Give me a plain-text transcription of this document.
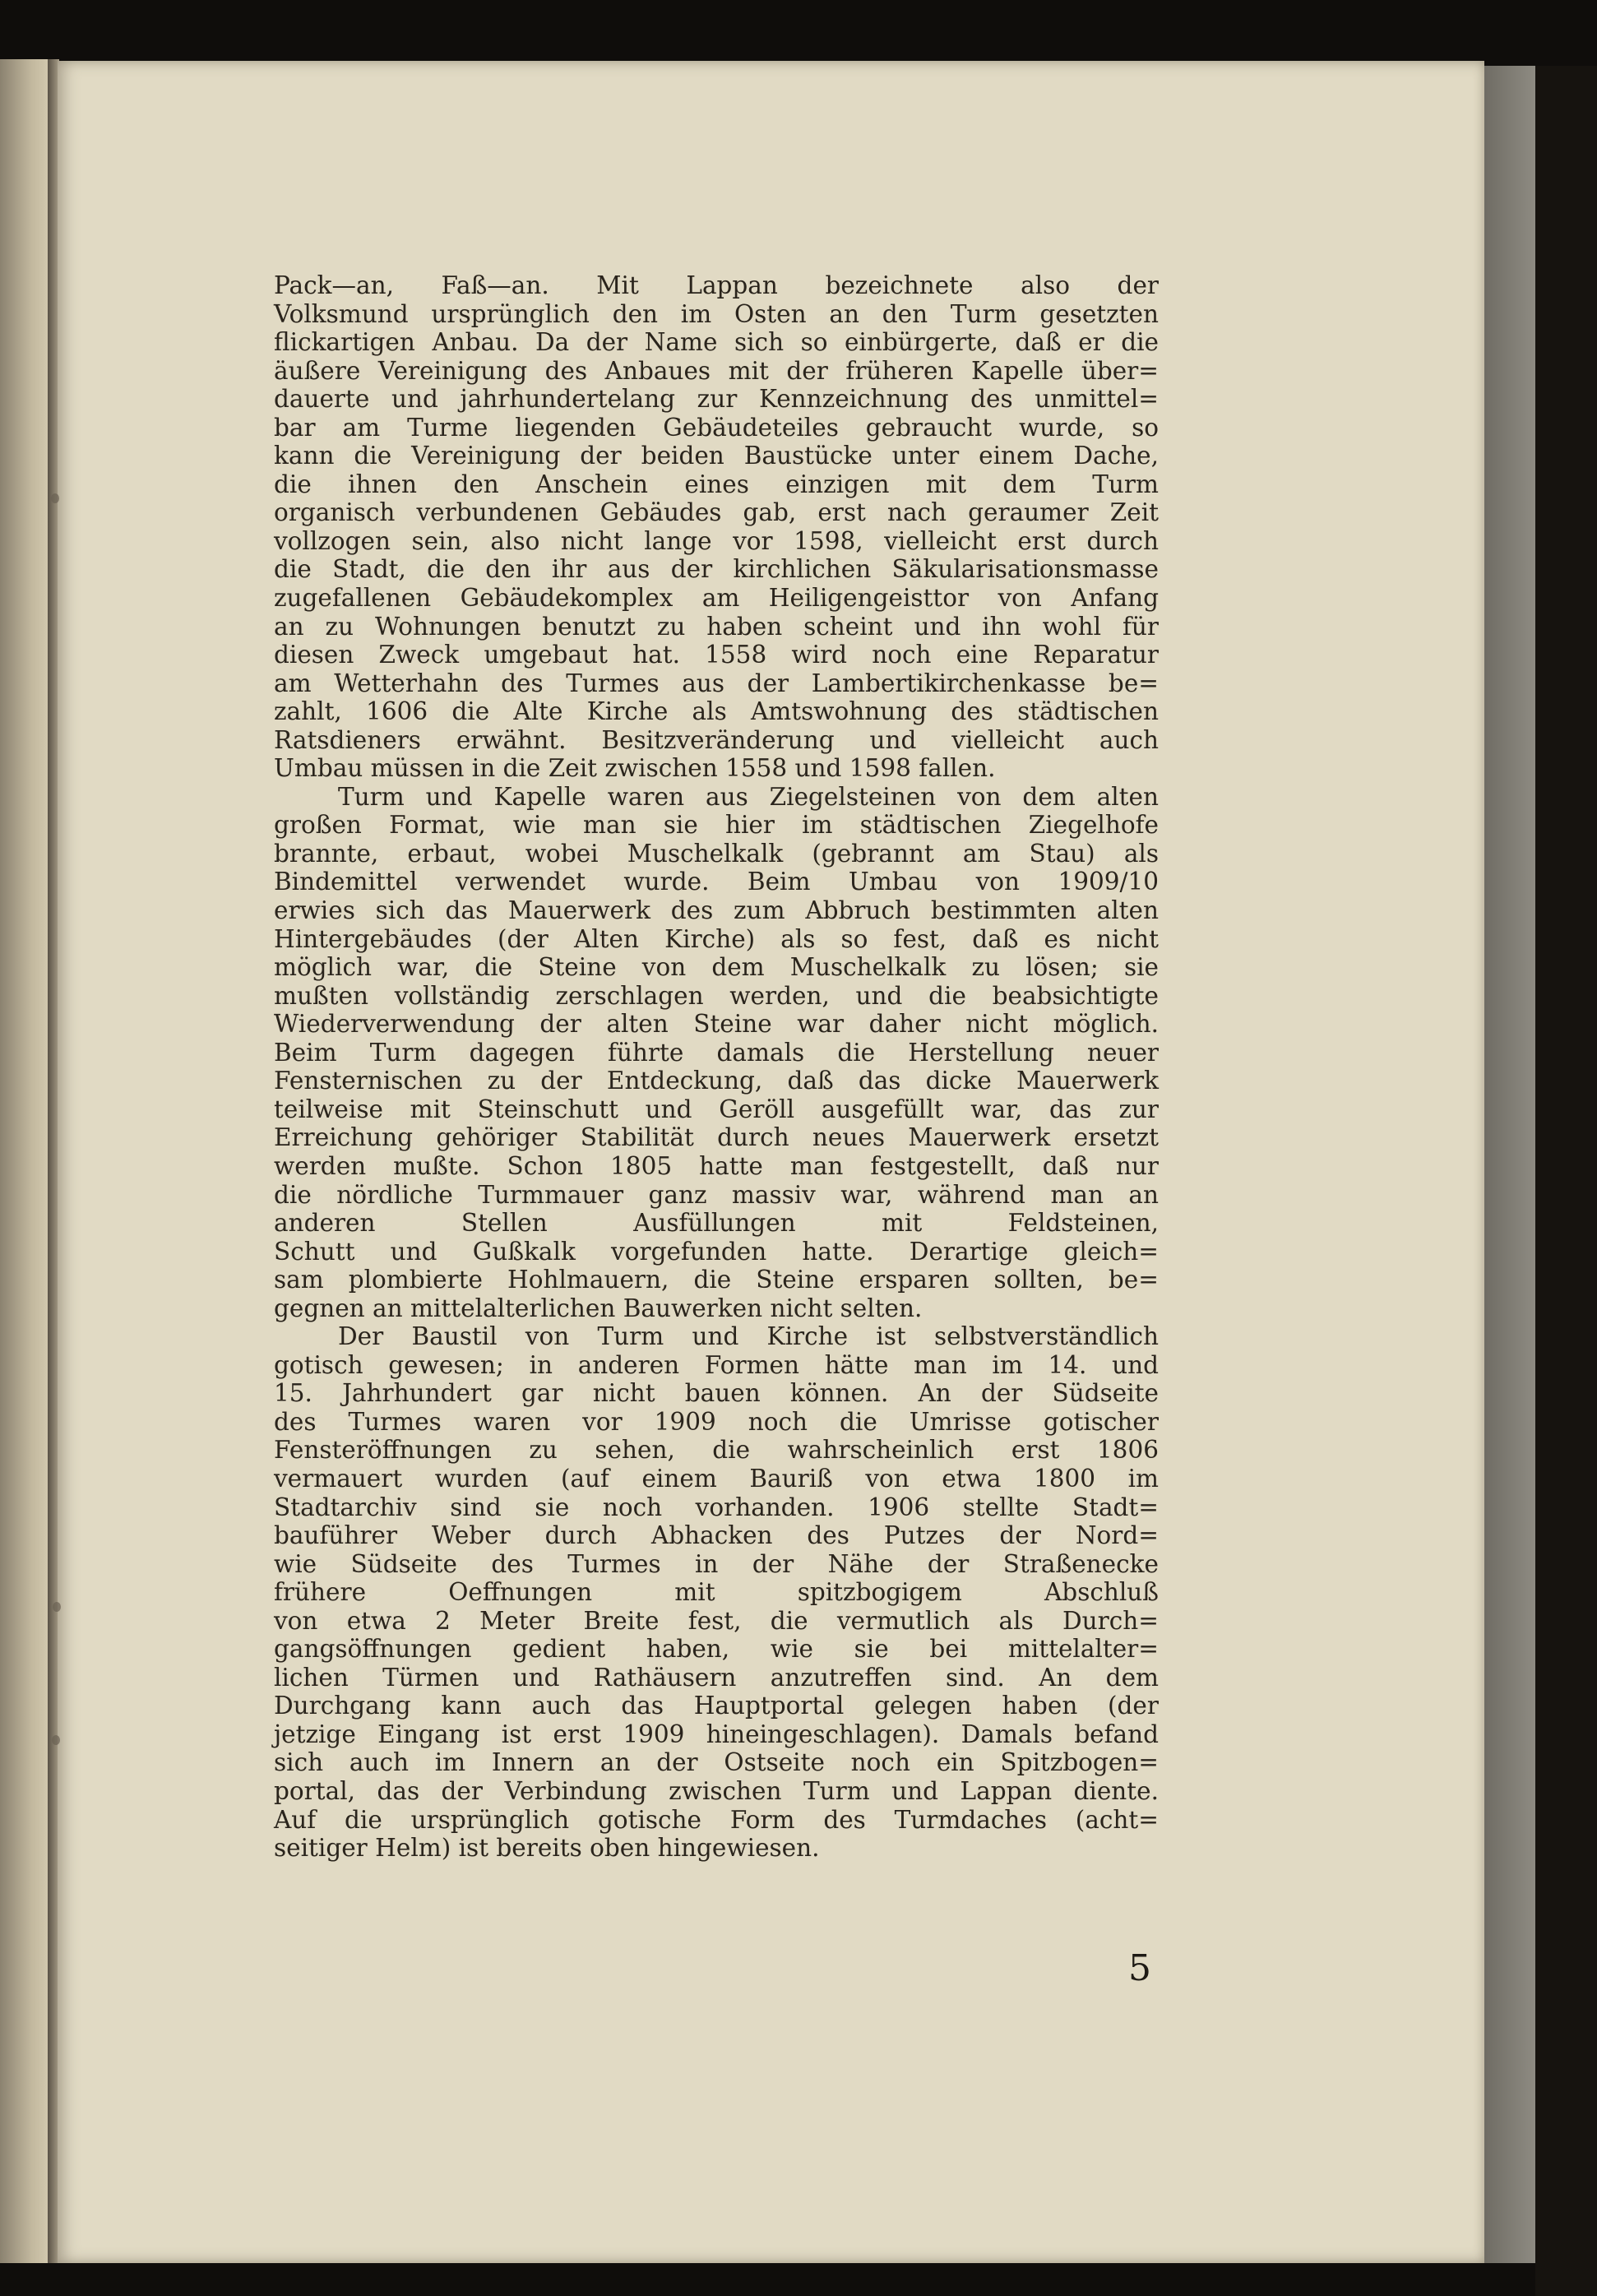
Pack—an, Faß—an. Mit Lappan bezeichnete also der
Volksmund ursprünglich den im Osten an den Turm gesetzten
flickartigen Anbau. Da der Name sich so einbürgerte, daß er die
äußere Vereinigung des Anbaues mit der früheren Kapelle über=
dauerte und jahrhundertelang zur Kennzeichnung des unmittel=
bar am Turme liegenden Gebäudeteiles gebraucht wurde, so
kann die Vereinigung der beiden Baustücke unter einem Dache,
die ihnen den Anschein eines einzigen mit dem Turm
organisch verbundenen Gebäudes gab, erst nach geraumer Zeit
vollzogen sein, also nicht lange vor 1598, vielleicht erst durch
die Stadt, die den ihr aus der kirchlichen Säkularisationsmasse
zugefallenen Gebäudekomplex am Heiligengeisttor von Anfang
an zu Wohnungen benutzt zu haben scheint und ihn wohl für
diesen Zweck umgebaut hat. 1558 wird noch eine Reparatur
am Wetterhahn des Turmes aus der Lambertikirchenkasse be=
zahlt, 1606 die Alte Kirche als Amtswohnung des städtischen
Ratsdieners erwähnt. Besitzveränderung und vielleicht auch
Umbau müssen in die Zeit zwischen 1558 und 1598 fallen.
Turm und Kapelle waren aus Ziegelsteinen von dem alten
großen Format, wie man sie hier im städtischen Ziegelhofe
brannte, erbaut, wobei Muschelkalk (gebrannt am Stau) als
Bindemittel verwendet wurde. Beim Umbau von 1909/10
erwies sich das Mauerwerk des zum Abbruch bestimmten alten
Hintergebäudes (der Alten Kirche) als so fest, daß es nicht
möglich war, die Steine von dem Muschelkalk zu lösen; sie
mußten vollständig zerschlagen werden, und die beabsichtigte
Wiederverwendung der alten Steine war daher nicht möglich.
Beim Turm dagegen führte damals die Herstellung neuer
Fensternischen zu der Entdeckung, daß das dicke Mauerwerk
teilweise mit Steinschutt und Geröll ausgefüllt war, das zur
Erreichung gehöriger Stabilität durch neues Mauerwerk ersetzt
werden mußte. Schon 1805 hatte man festgestellt, daß nur
die nördliche Turmmauer ganz massiv war, während man an
anderen Stellen Ausfüllungen mit Feldsteinen,
Schutt und Gußkalk vorgefunden hatte. Derartige gleich=
sam plombierte Hohlmauern, die Steine ersparen sollten, be=
gegnen an mittelalterlichen Bauwerken nicht selten.
Der Baustil von Turm und Kirche ist selbstverständlich
gotisch gewesen; in anderen Formen hätte man im 14. und
15. Jahrhundert gar nicht bauen können. An der Südseite
des Turmes waren vor 1909 noch die Umrisse gotischer
Fensteröffnungen zu sehen, die wahrscheinlich erst 1806
vermauert wurden (auf einem Bauriß von etwa 1800 im
Stadtarchiv sind sie noch vorhanden. 1906 stellte Stadt=
bauführer Weber durch Abhacken des Putzes der Nord=
wie Südseite des Turmes in der Nähe der Straßenecke
frühere Oeffnungen mit spitzbogigem Abschluß
von etwa 2 Meter Breite fest, die vermutlich als Durch=
gangsöffnungen gedient haben, wie sie bei mittelalter=
lichen Türmen und Rathäusern anzutreffen sind. An dem
Durchgang kann auch das Hauptportal gelegen haben (der
jetzige Eingang ist erst 1909 hineingeschlagen). Damals befand
sich auch im Innern an der Ostseite noch ein Spitzbogen=
portal, das der Verbindung zwischen Turm und Lappan diente.
Auf die ursprünglich gotische Form des Turmdaches (acht=
seitiger Helm) ist bereits oben hingewiesen.
5
